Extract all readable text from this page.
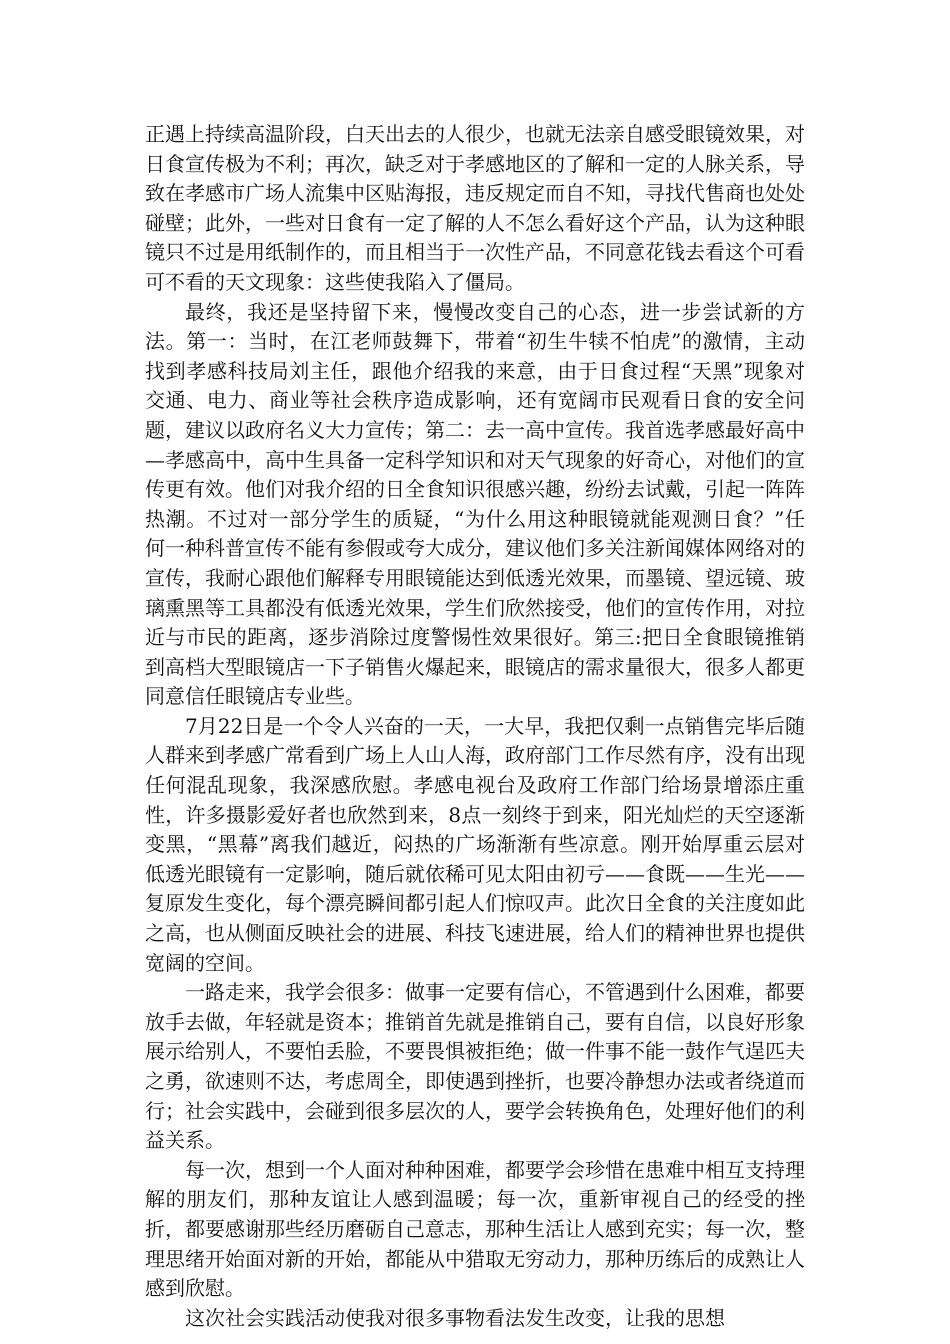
正遇上持续高温阶段，白天出去的人很少，也就无法亲自感受眼镜效果，对日食宣传极为不利；再次，缺乏对于孝感地区的了解和一定的人脉关系，导致在孝感市广场人流集中区贴海报，违反规定而自不知，寻找代售商也处处碰壁；此外，一些对日食有一定了解的人不怎么看好这个产品，认为这种眼镜只不过是用纸制作的，而且相当于一次性产品，不同意花钱去看这个可看可不看的天文现象：这些使我陷入了僵局。

最终，我还是坚持留下来，慢慢改变自己的心态，进一步尝试新的方法。第一：当时，在江老师鼓舞下，带着“初生牛犊不怕虎”的激情，主动找到孝感科技局刘主任，跟他介绍我的来意，由于日食过程“天黑”现象对交通、电力、商业等社会秩序造成影响，还有宽阔市民观看日食的安全问题，建议以政府名义大力宣传；第二：去一高中宣传。我首选孝感最好高中—孝感高中，高中生具备一定科学知识和对天气现象的好奇心，对他们的宣传更有效。他们对我介绍的日全食知识很感兴趣，纷纷去试戴，引起一阵阵热潮。不过对一部分学生的质疑，“为什么用这种眼镜就能观测日食？”任何一种科普宣传不能有参假或夸大成分，建议他们多关注新闻媒体网络对的宣传，我耐心跟他们解释专用眼镜能达到低透光效果，而墨镜、望远镜、玻璃熏黑等工具都没有低透光效果，学生们欣然接受，他们的宣传作用，对拉近与市民的距离，逐步消除过度警惕性效果很好。第三:把日全食眼镜推销到高档大型眼镜店一下子销售火爆起来，眼镜店的需求量很大，很多人都更同意信任眼镜店专业些。

7月22日是一个令人兴奋的一天，一大早，我把仅剩一点销售完毕后随人群来到孝感广常看到广场上人山人海，政府部门工作尽然有序，没有出现任何混乱现象，我深感欣慰。孝感电视台及政府工作部门给场景增添庄重性，许多摄影爱好者也欣然到来，8点一刻终于到来，阳光灿烂的天空逐渐变黑，“黑幕”离我们越近，闷热的广场渐渐有些凉意。刚开始厚重云层对低透光眼镜有一定影响，随后就依稀可见太阳由初亏——食既——生光——复原发生变化，每个漂亮瞬间都引起人们惊叹声。此次日全食的关注度如此之高，也从侧面反映社会的进展、科技飞速进展，给人们的精神世界也提供宽阔的空间。

一路走来，我学会很多：做事一定要有信心，不管遇到什么困难，都要放手去做，年轻就是资本；推销首先就是推销自己，要有自信，以良好形象展示给别人，不要怕丢脸，不要畏惧被拒绝；做一件事不能一鼓作气逞匹夫之勇，欲速则不达，考虑周全，即使遇到挫折，也要冷静想办法或者绕道而行；社会实践中，会碰到很多层次的人，要学会转换角色，处理好他们的利益关系。

每一次，想到一个人面对种种困难，都要学会珍惜在患难中相互支持理解的朋友们，那种友谊让人感到温暖；每一次，重新审视自己的经受的挫折，都要感谢那些经历磨砺自己意志，那种生活让人感到充实；每一次，整理思绪开始面对新的开始，都能从中猎取无穷动力，那种历练后的成熟让人感到欣慰。

这次社会实践活动使我对很多事物看法发生改变，让我的思想
